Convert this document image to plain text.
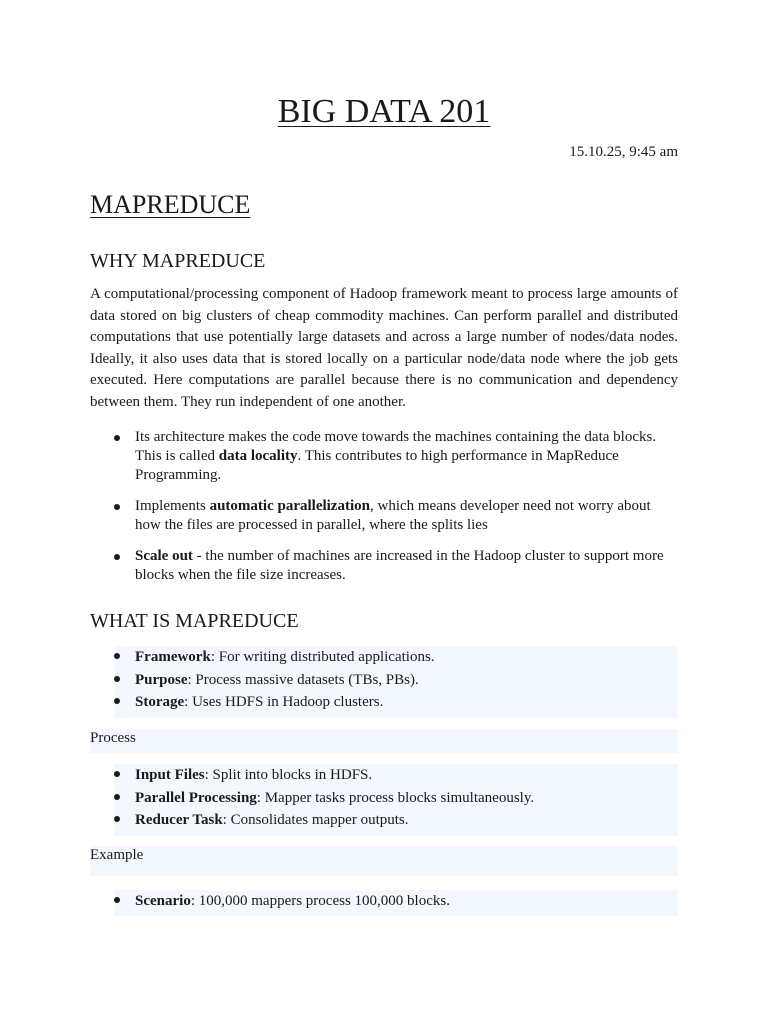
BIG DATA 201
15.10.25, 9:45 am
MAPREDUCE
WHY MAPREDUCE

A computational/processing component of Hadoop framework meant to process large amounts of data stored on big clusters of cheap commodity machines. Can perform parallel and distributed computations that use potentially large datasets and across a large number of nodes/data nodes. Ideally, it also uses data that is stored locally on a particular node/data node where the job gets executed. Here computations are parallel because there is no communication and dependency between them. They run independent of one another.

Its architecture makes the code move towards the machines containing the data blocks. This is called data locality. This contributes to high performance in MapReduce Programming.
Implements automatic parallelization, which means developer need not worry about how the files are processed in parallel, where the splits lies
Scale out - the number of machines are increased in the Hadoop cluster to support more blocks when the file size increases.
WHAT IS MAPREDUCE
Framework: For writing distributed applications.
Purpose: Process massive datasets (TBs, PBs).
Storage: Uses HDFS in Hadoop clusters.
Process
Input Files: Split into blocks in HDFS.
Parallel Processing: Mapper tasks process blocks simultaneously.
Reducer Task: Consolidates mapper outputs.
Example
Scenario: 100,000 mappers process 100,000 blocks.
